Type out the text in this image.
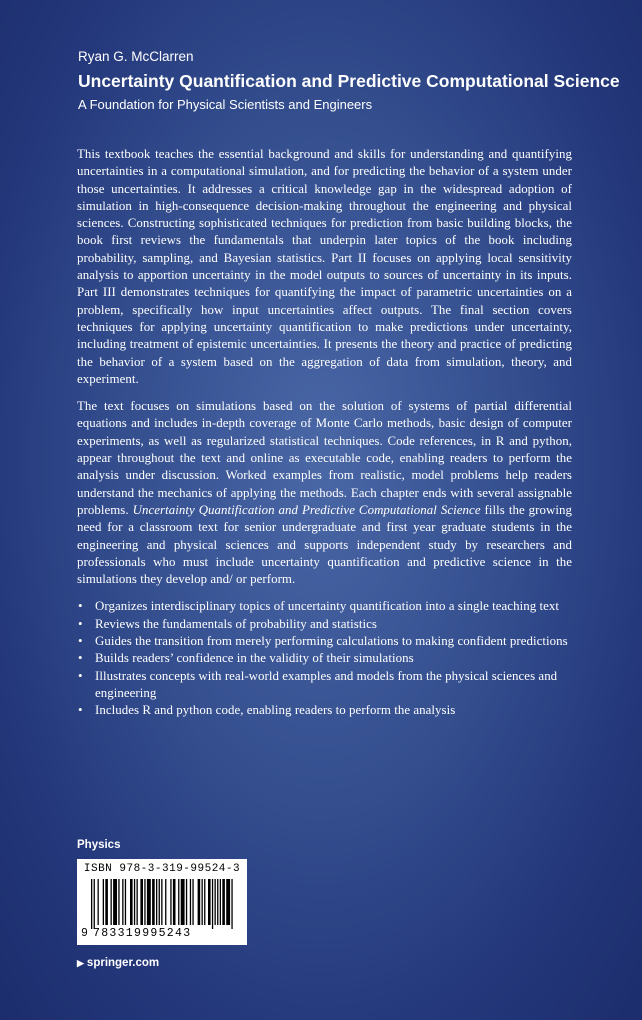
Ryan G. McClarren
Uncertainty Quantification and Predictive Computational Science
A Foundation for Physical Scientists and Engineers

This textbook teaches the essential background and skills for understanding and quantifying uncertainties in a computational simulation, and for predicting the behavior of a system under those uncertainties. It addresses a critical knowledge gap in the widespread adoption of simulation in high-consequence decision-making throughout the engineering and physical sciences. Constructing sophisticated techniques for prediction from basic building blocks, the book first reviews the fundamentals that underpin later topics of the book including probability, sampling, and Bayesian statistics. Part II focuses on applying local sensitivity analysis to apportion uncertainty in the model outputs to sources of uncertainty in its inputs. Part III demonstrates techniques for quantifying the impact of parametric uncertainties on a problem, specifically how input uncertainties affect outputs. The final section covers techniques for applying uncertainty quantification to make predictions under uncertainty, including treatment of epistemic uncertainties. It presents the theory and practice of predicting the behavior of a system based on the aggregation of data from simulation, theory, and experiment.

The text focuses on simulations based on the solution of systems of partial differential equations and includes in-depth coverage of Monte Carlo methods, basic design of computer experiments, as well as regularized statistical techniques. Code references, in R and python, appear throughout the text and online as executable code, enabling readers to perform the analysis under discussion. Worked examples from realistic, model problems help readers understand the mechanics of applying the methods. Each chapter ends with several assignable problems. Uncertainty Quantification and Predictive Computational Science fills the growing need for a classroom text for senior undergraduate and first year graduate students in the engineering and physical sciences and supports independent study by researchers and professionals who must include uncertainty quantification and predictive science in the simulations they develop and/ or perform.

• Organizes interdisciplinary topics of uncertainty quantification into a single teaching text
• Reviews the fundamentals of probability and statistics
• Guides the transition from merely performing calculations to making confident predictions
• Builds readers’ confidence in the validity of their simulations
• Illustrates concepts with real-world examples and models from the physical sciences and engineering
• Includes R and python code, enabling readers to perform the analysis
Physics
ISBN 978-3-319-99524-3
9 783319995243
▶ springer.com
